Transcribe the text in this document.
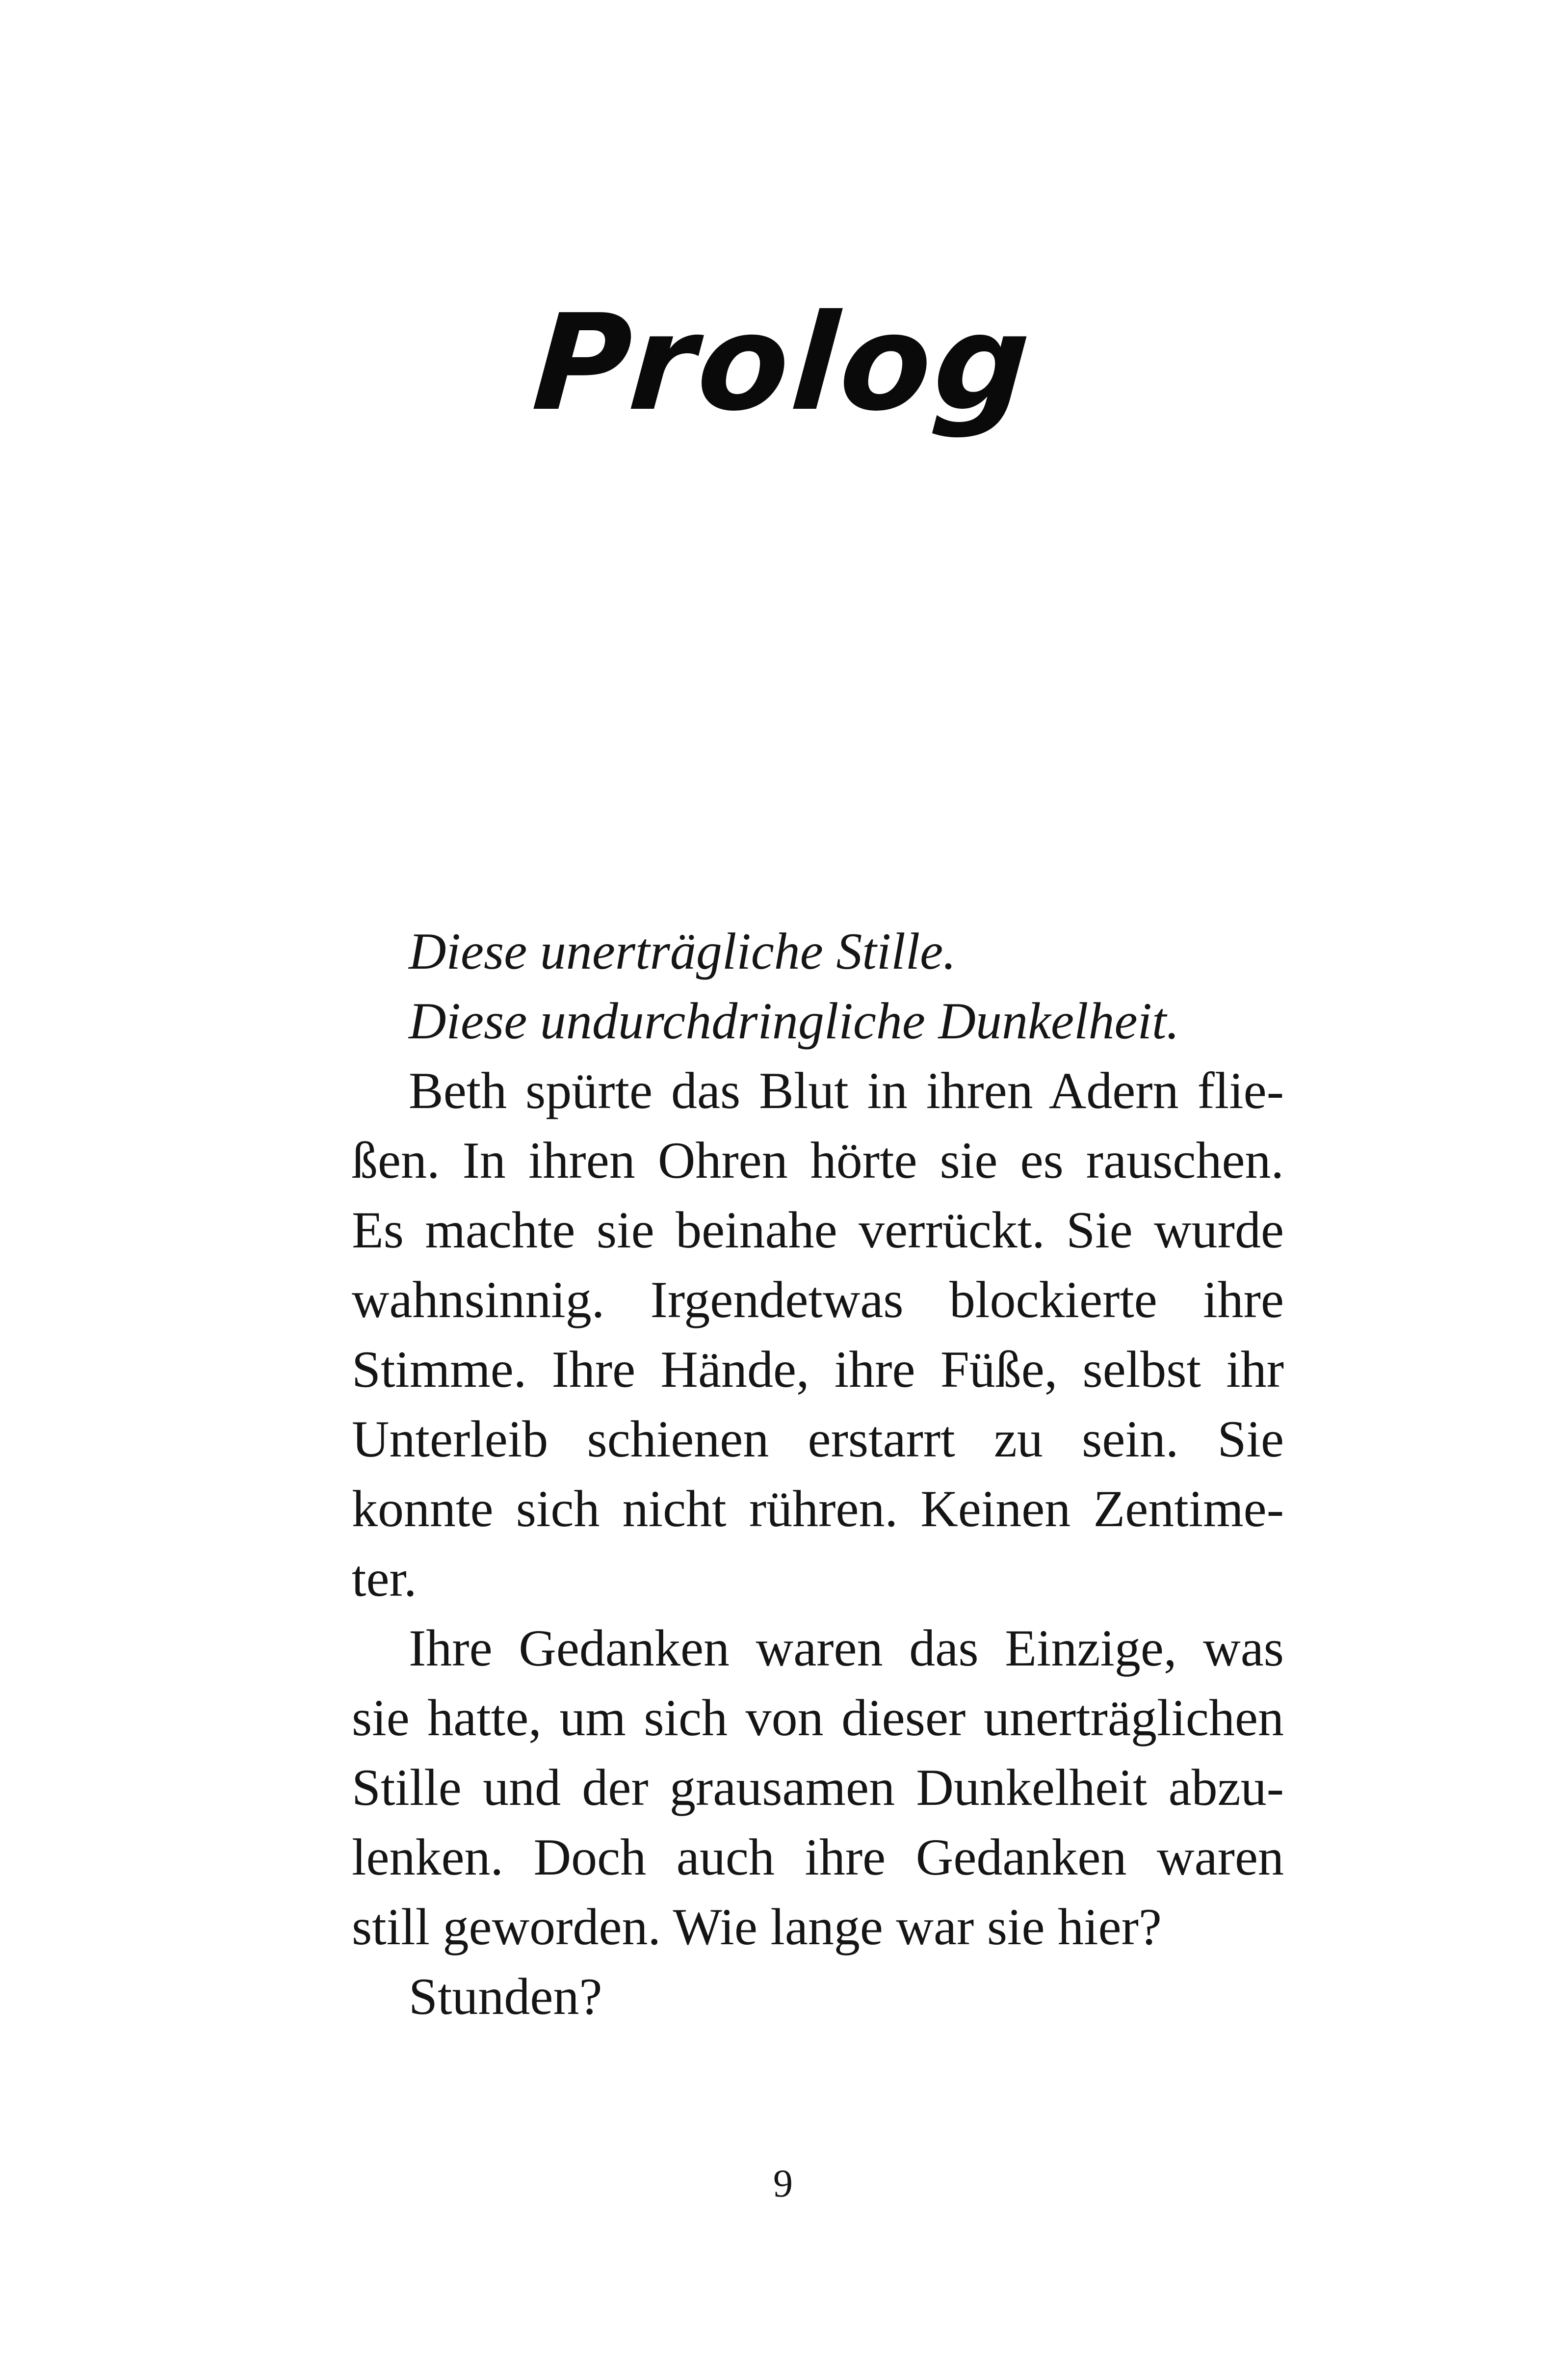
Prolog
Diese unerträgliche Stille.
Diese undurchdringliche Dunkelheit.
Beth spürte das Blut in ihren Adern flie-
ßen. In ihren Ohren hörte sie es rauschen.
Es machte sie beinahe verrückt. Sie wurde
wahnsinnig. Irgendetwas blockierte ihre
Stimme. Ihre Hände, ihre Füße, selbst ihr
Unterleib schienen erstarrt zu sein. Sie
konnte sich nicht rühren. Keinen Zentime-
ter.
Ihre Gedanken waren das Einzige, was
sie hatte, um sich von dieser unerträglichen
Stille und der grausamen Dunkelheit abzu-
lenken. Doch auch ihre Gedanken waren
still geworden. Wie lange war sie hier?
Stunden?
9
